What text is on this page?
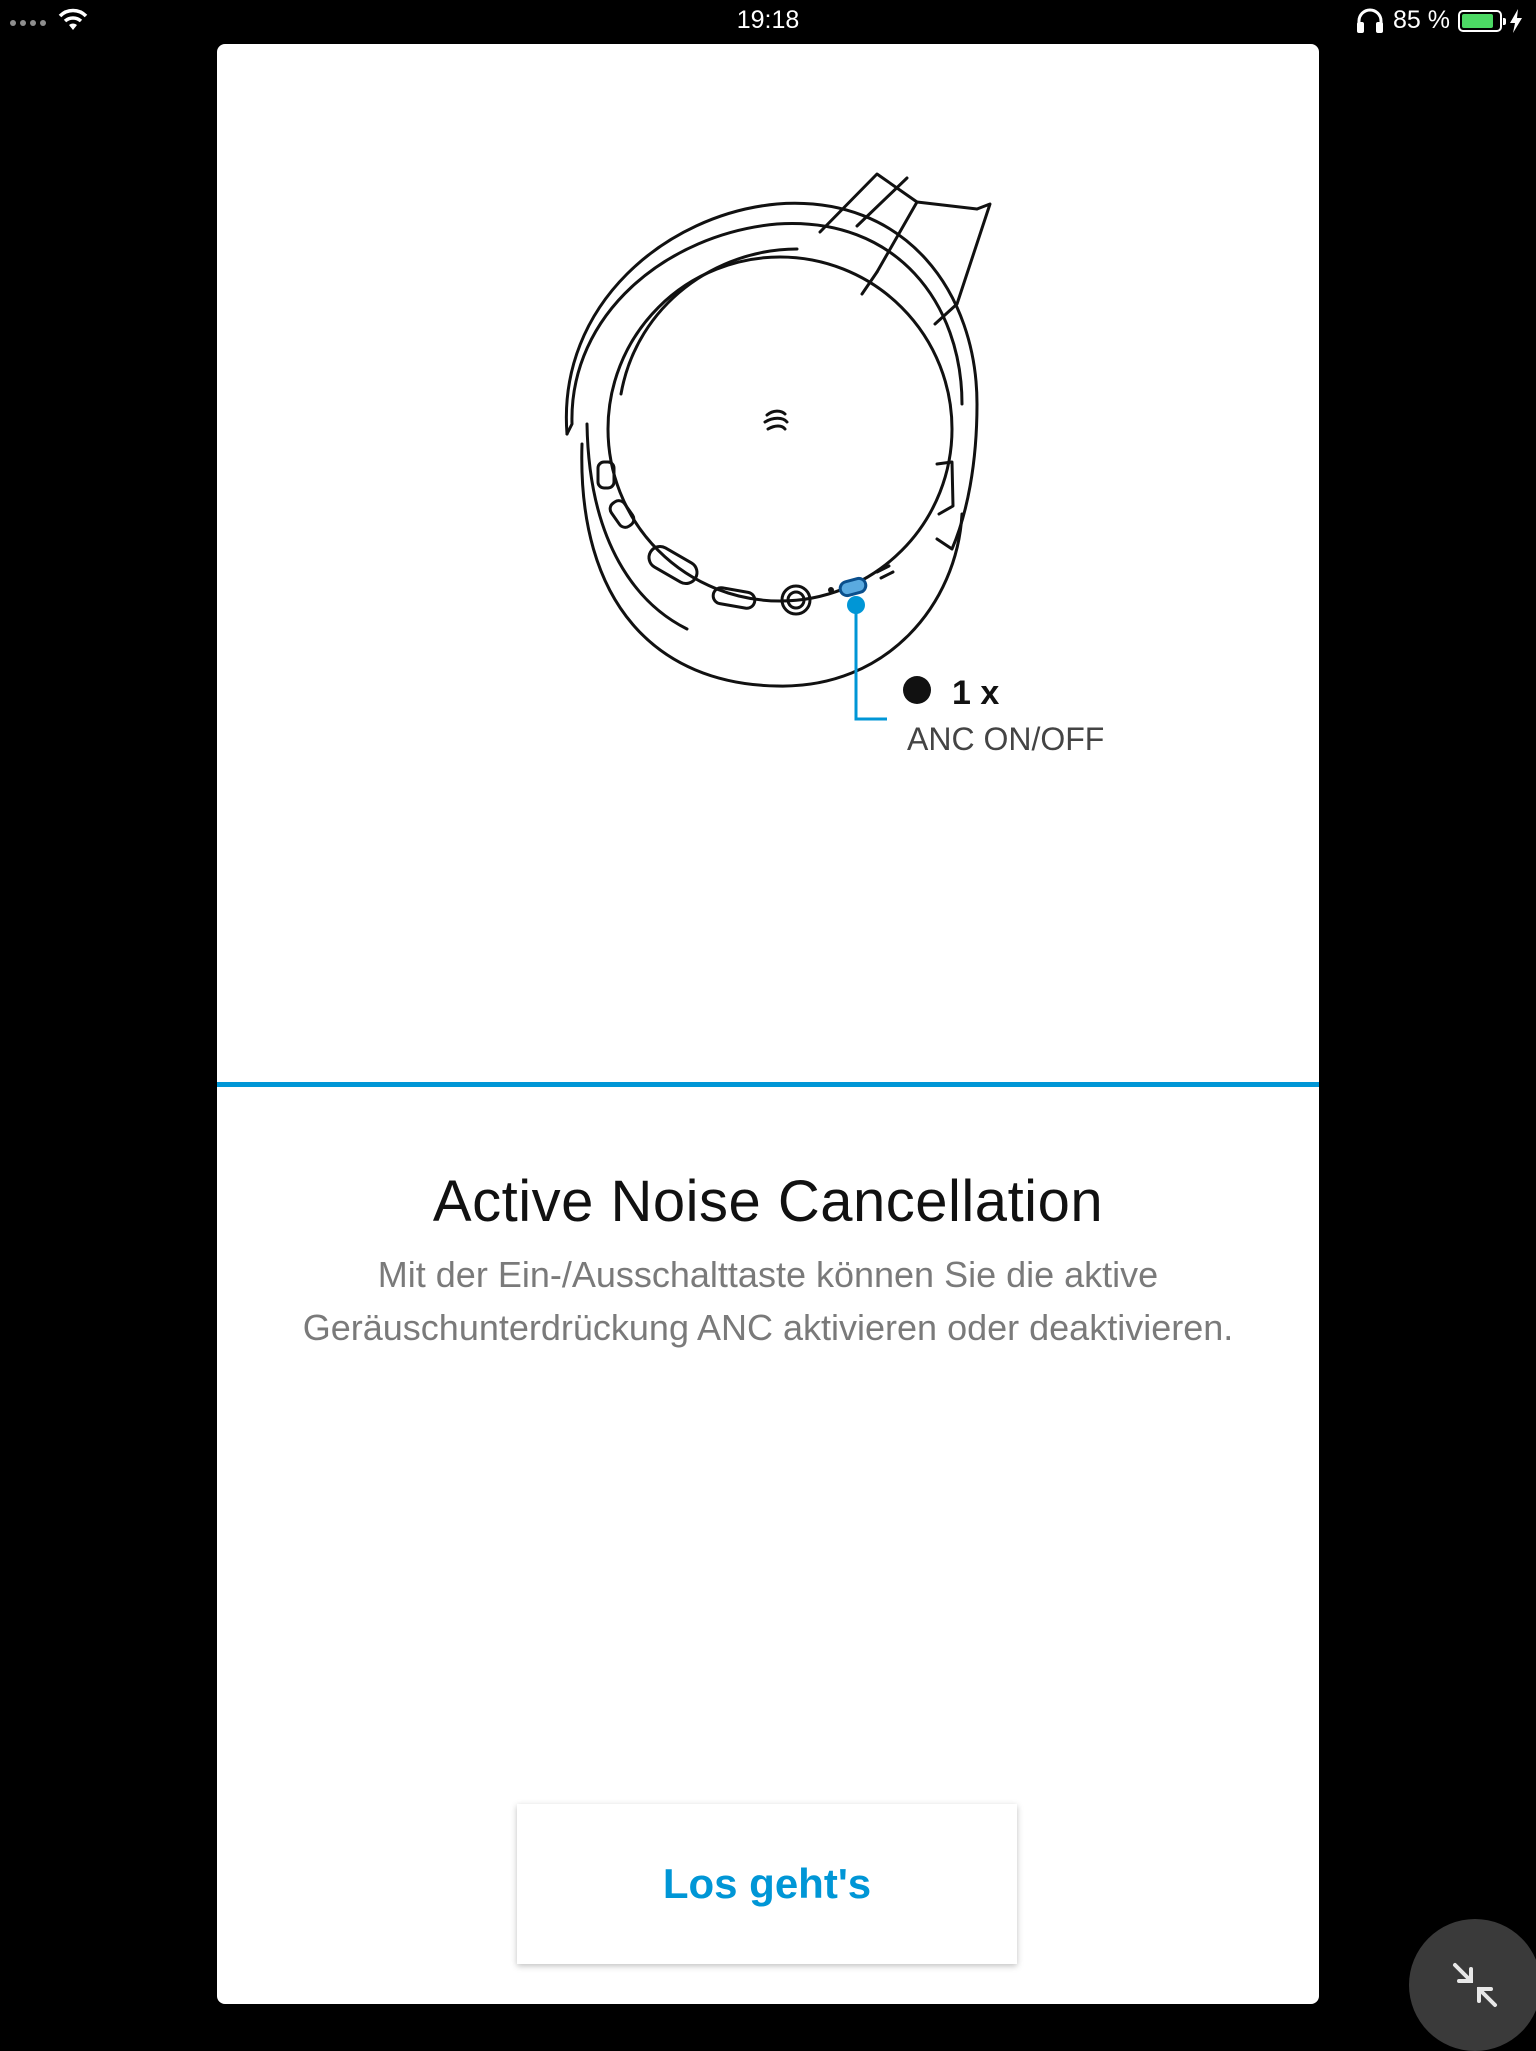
19:18	85 %
1 x
ANC ON/OFF
Active Noise Cancellation

Mit der Ein-/Ausschalttaste können Sie die aktive Geräuschunterdrückung ANC aktivieren oder deaktivieren.

Los geht's
